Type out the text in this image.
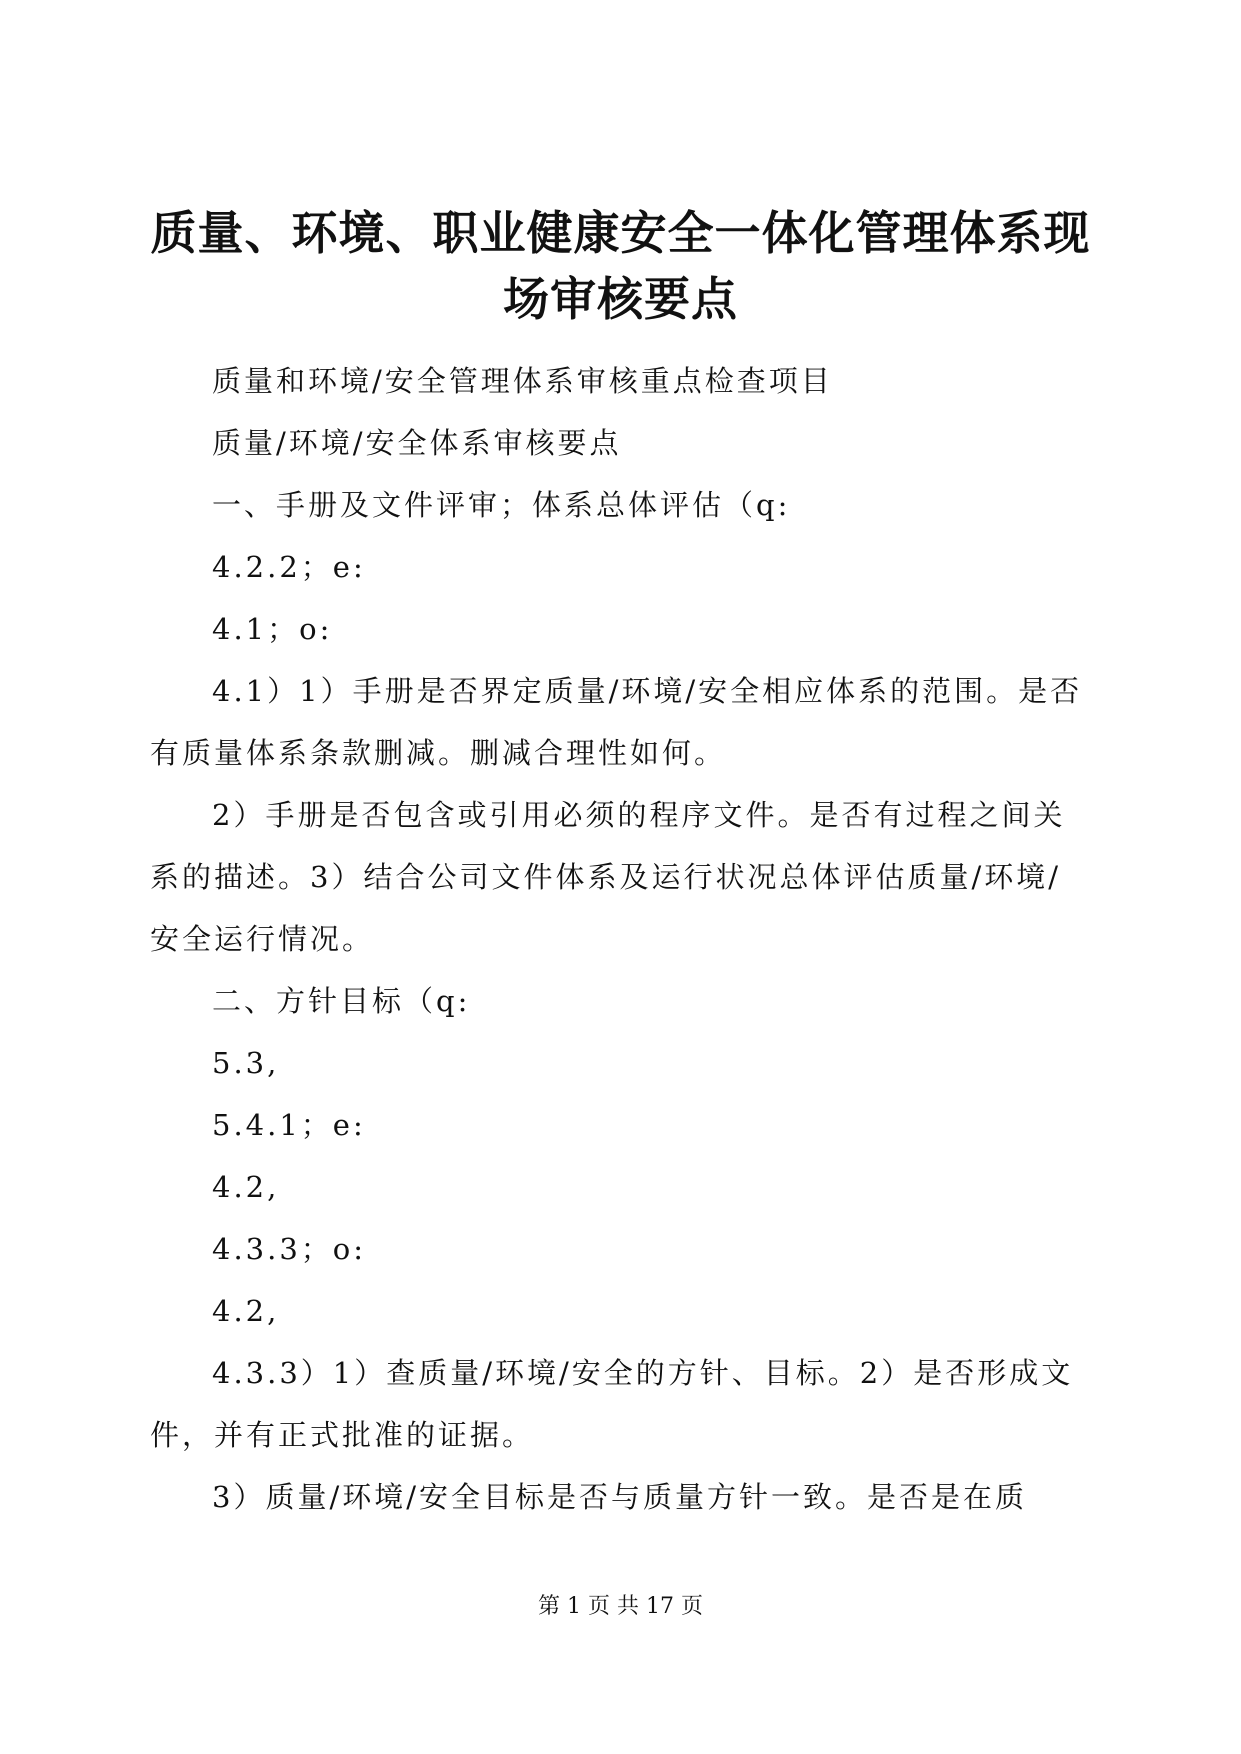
质量、环境、职业健康安全一体化管理体系现场审核要点

质量和环境/安全管理体系审核重点检查项目

质量/环境/安全体系审核要点

一、手册及文件评审；体系总体评估（q:

4.2.2；e:

4.1；o:

4.1）1）手册是否界定质量/环境/安全相应体系的范围。是否有质量体系条款删减。删减合理性如何。

2）手册是否包含或引用必须的程序文件。是否有过程之间关系的描述。3）结合公司文件体系及运行状况总体评估质量/环境/安全运行情况。

二、方针目标（q:

5.3,

5.4.1；e:

4.2,

4.3.3；o:

4.2,

4.3.3）1）查质量/环境/安全的方针、目标。2）是否形成文件，并有正式批准的证据。

3）质量/环境/安全目标是否与质量方针一致。是否是在质

第 1 页 共 17 页
